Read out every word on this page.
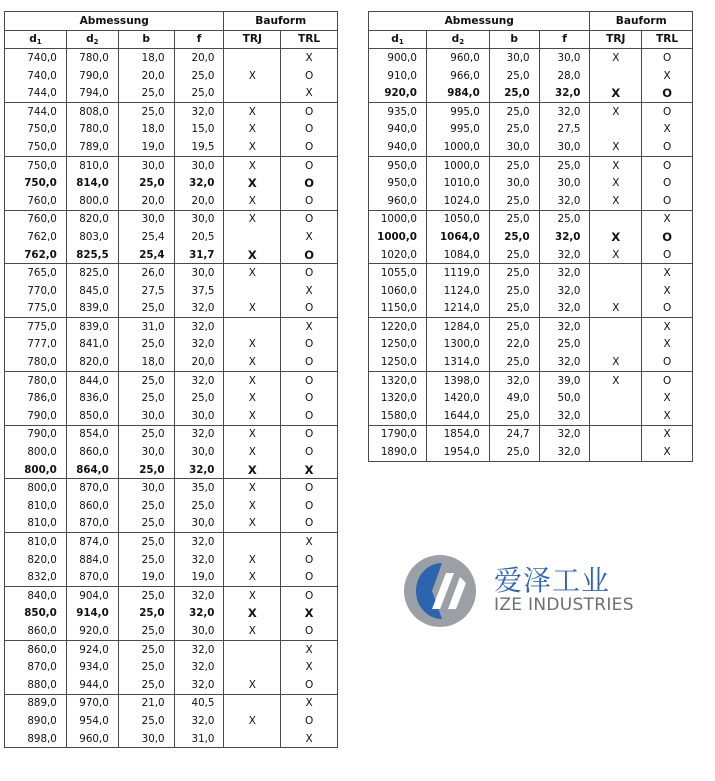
Abmessung				Bauform	
$d_1$	$d_2$	b	f	TRJ	TRL
740,0	780,0	18,0	20,0		X
740,0	790,0	20,0	25,0	X	O
744,0	794,0	25,0	25,0		X
744,0	808,0	25,0	32,0	X	O
750,0	780,0	18,0	15,0	X	O
750,0	789,0	19,0	19,5	X	O
750,0	810,0	30,0	30,0	X	O
750,0	814,0	25,0	32,0	X	O
760,0	800,0	20,0	20,0	X	O
760,0	820,0	30,0	30,0	X	O
762,0	803,0	25,4	20,5		X
762,0	825,5	25,4	31,7	X	O
765,0	825,0	26,0	30,0	X	O
770,0	845,0	27,5	37,5		X
775,0	839,0	25,0	32,0	X	O
775,0	839,0	31,0	32,0		X
777,0	841,0	25,0	32,0	X	O
780,0	820,0	18,0	20,0	X	O
780,0	844,0	25,0	32,0	X	O
786,0	836,0	25,0	25,0	X	O
790,0	850,0	30,0	30,0	X	O
790,0	854,0	25,0	32,0	X	O
800,0	860,0	30,0	30,0	X	O
800,0	864,0	25,0	32,0	X	X
800,0	870,0	30,0	35,0	X	O
810,0	860,0	25,0	25,0	X	O
810,0	870,0	25,0	30,0	X	O
810,0	874,0	25,0	32,0		X
820,0	884,0	25,0	32,0	X	O
832,0	870,0	19,0	19,0	X	O
840,0	904,0	25,0	32,0	X	O
850,0	914,0	25,0	32,0	X	X
860,0	920,0	25,0	30,0	X	O
860,0	924,0	25,0	32,0		X
870,0	934,0	25,0	32,0		X
880,0	944,0	25,0	32,0	X	O
889,0	970,0	21,0	40,5		X
890,0	954,0	25,0	32,0	X	O
898,0	960,0	30,0	31,0		X
Abmessung				Bauform	
$d_1$	$d_2$	b	f	TRJ	TRL
900,0	960,0	30,0	30,0	X	O
910,0	966,0	25,0	28,0		X
920,0	984,0	25,0	32,0	X	O
935,0	995,0	25,0	32,0	X	O
940,0	995,0	25,0	27,5		X
940,0	1000,0	30,0	30,0	X	O
950,0	1000,0	25,0	25,0	X	O
950,0	1010,0	30,0	30,0	X	O
960,0	1024,0	25,0	32,0	X	O
1000,0	1050,0	25,0	25,0		X
1000,0	1064,0	25,0	32,0	X	O
1020,0	1084,0	25,0	32,0	X	O
1055,0	1119,0	25,0	32,0		X
1060,0	1124,0	25,0	32,0		X
1150,0	1214,0	25,0	32,0	X	O
1220,0	1284,0	25,0	32,0		X
1250,0	1300,0	22,0	25,0		X
1250,0	1314,0	25,0	32,0	X	O
1320,0	1398,0	32,0	39,0	X	O
1320,0	1420,0	49,0	50,0		X
1580,0	1644,0	25,0	32,0		X
1790,0	1854,0	24,7	32,0		X
1890,0	1954,0	25,0	32,0		X
爱泽工业
IZE INDUSTRIES
